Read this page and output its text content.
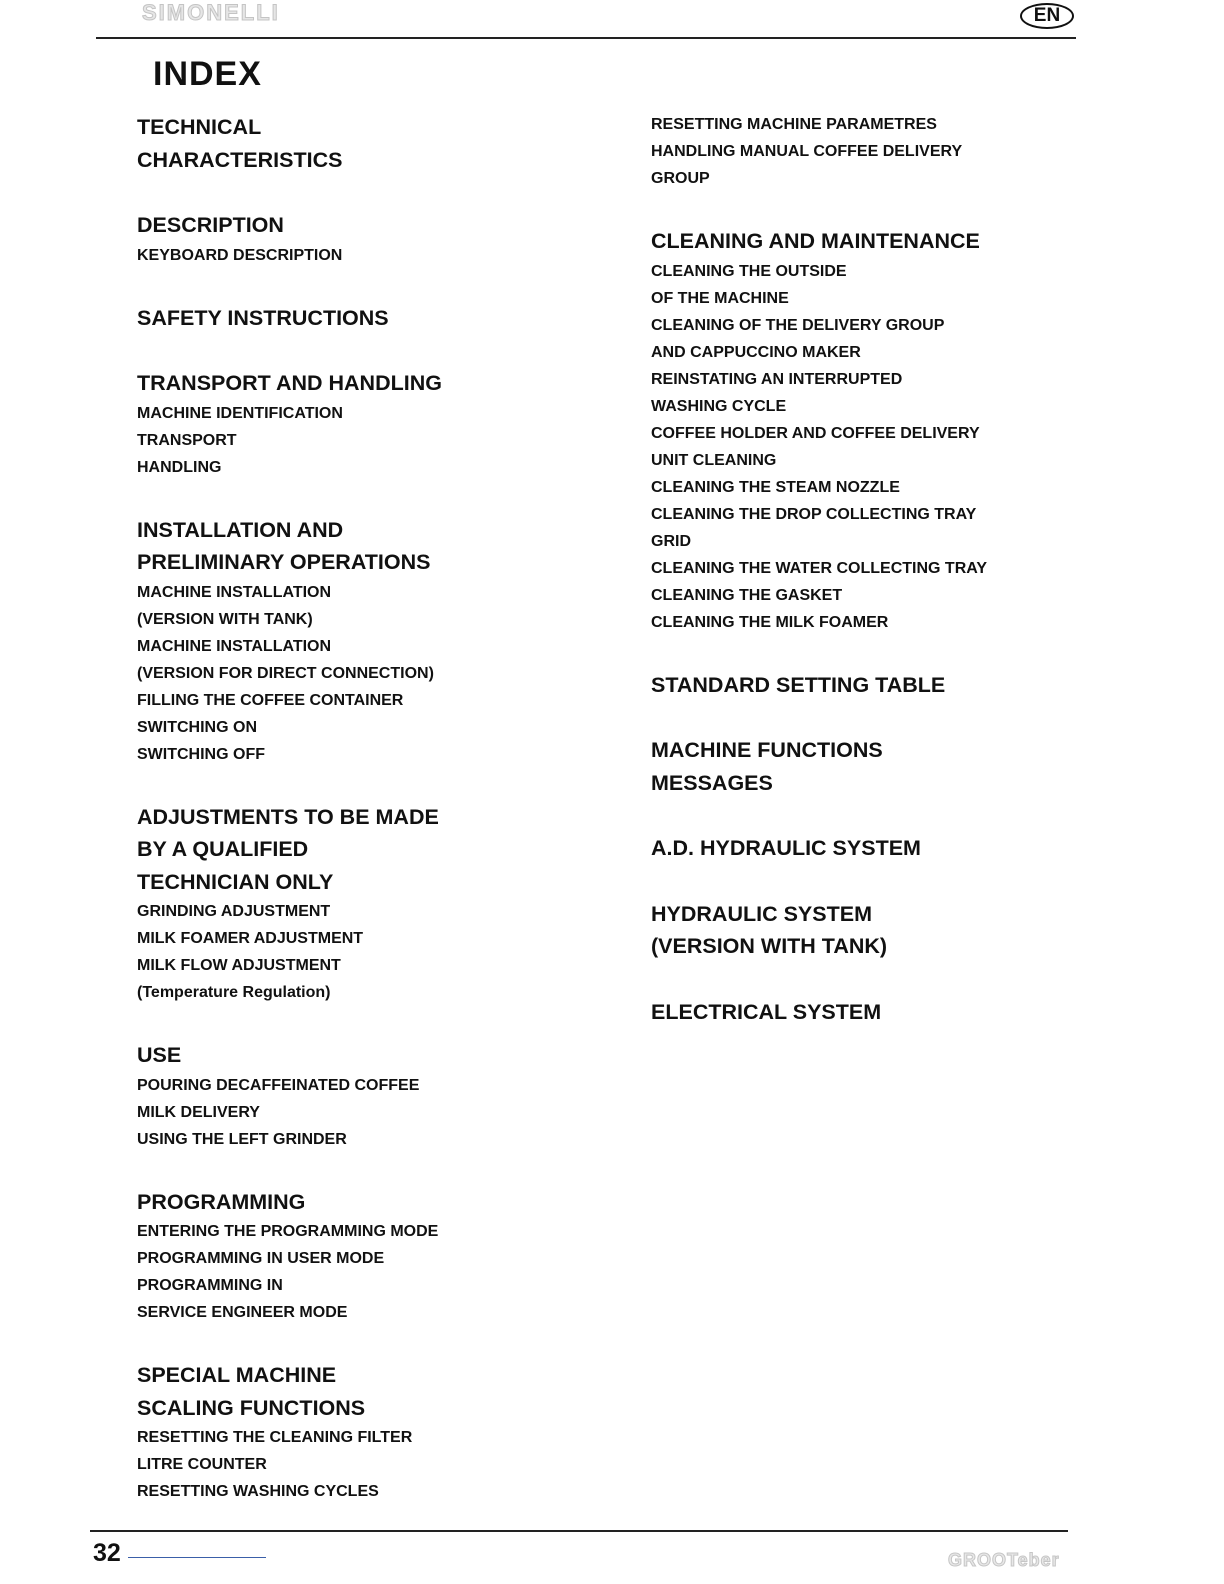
SIMONELLI	EN
INDEX
TECHNICAL
CHARACTERISTICS
DESCRIPTION
KEYBOARD DESCRIPTION
SAFETY INSTRUCTIONS
TRANSPORT AND HANDLING
MACHINE IDENTIFICATION
TRANSPORT
HANDLING
INSTALLATION AND
PRELIMINARY OPERATIONS
MACHINE INSTALLATION
(VERSION WITH TANK)
MACHINE INSTALLATION
(VERSION FOR DIRECT CONNECTION)
FILLING THE COFFEE CONTAINER
SWITCHING ON
SWITCHING OFF
ADJUSTMENTS TO BE MADE
BY A QUALIFIED
TECHNICIAN ONLY
GRINDING ADJUSTMENT
MILK FOAMER ADJUSTMENT
MILK FLOW ADJUSTMENT
(Temperature Regulation)
USE
POURING DECAFFEINATED COFFEE
MILK DELIVERY
USING THE LEFT GRINDER
PROGRAMMING
ENTERING THE PROGRAMMING MODE
PROGRAMMING IN USER MODE
PROGRAMMING IN
SERVICE ENGINEER MODE
SPECIAL MACHINE
SCALING FUNCTIONS
RESETTING THE CLEANING FILTER
LITRE COUNTER
RESETTING WASHING CYCLES
RESETTING MACHINE PARAMETRES
HANDLING MANUAL COFFEE DELIVERY
GROUP
CLEANING AND MAINTENANCE
CLEANING THE OUTSIDE
OF THE MACHINE
CLEANING OF THE DELIVERY GROUP
AND CAPPUCCINO MAKER
REINSTATING AN INTERRUPTED
WASHING CYCLE
COFFEE HOLDER AND COFFEE DELIVERY
UNIT CLEANING
CLEANING THE STEAM NOZZLE
CLEANING THE DROP COLLECTING TRAY
GRID
CLEANING THE WATER COLLECTING TRAY
CLEANING THE GASKET
CLEANING THE MILK FOAMER
STANDARD SETTING TABLE
MACHINE FUNCTIONS
MESSAGES
A.D. HYDRAULIC SYSTEM
HYDRAULIC SYSTEM
(VERSION WITH TANK)
ELECTRICAL SYSTEM
32	GROOTeber
